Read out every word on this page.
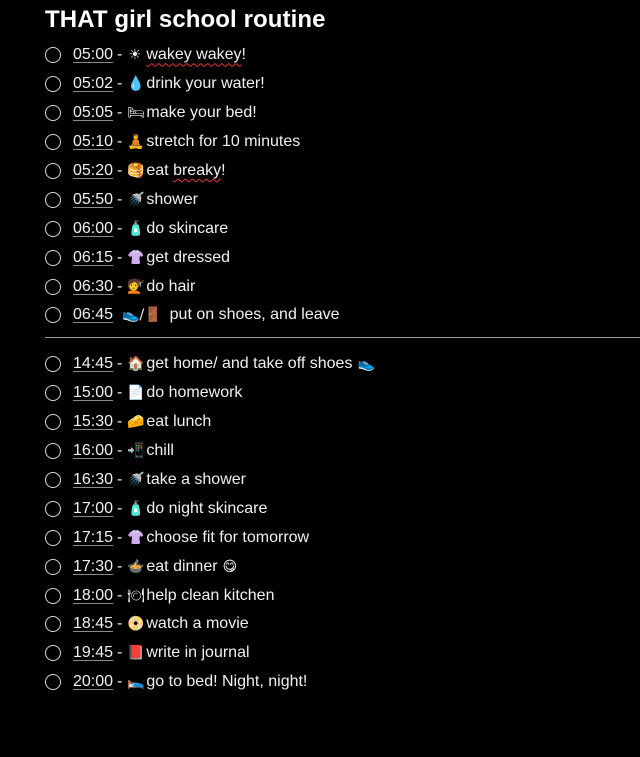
THAT girl school routine
05:00 - ☀ wakey wakey!
05:02 - 💧 drink your water!
05:05 - 🛏 make your bed!
05:10 - 🧘 stretch for 10 minutes
05:20 - 🥞 eat breaky!
05:50 - 🚿 shower
06:00 - 🧴 do skincare
06:15 - 👚 get dressed
06:30 - 💇 do hair
06:45 👟/🚪 put on shoes, and leave
14:45 - 🏠 get home/ and take off shoes 👟
15:00 - 📄 do homework
15:30 - 🧀 eat lunch
16:00 - 📲 chill
16:30 - 🚿 take a shower
17:00 - 🧴 do night skincare
17:15 - 👚 choose fit for tomorrow
17:30 - 🍲 eat dinner 😋
18:00 - 🍽 help clean kitchen
18:45 - 📀 watch a movie
19:45 - 📕 write in journal
20:00 - 🛌 go to bed! Night, night!
